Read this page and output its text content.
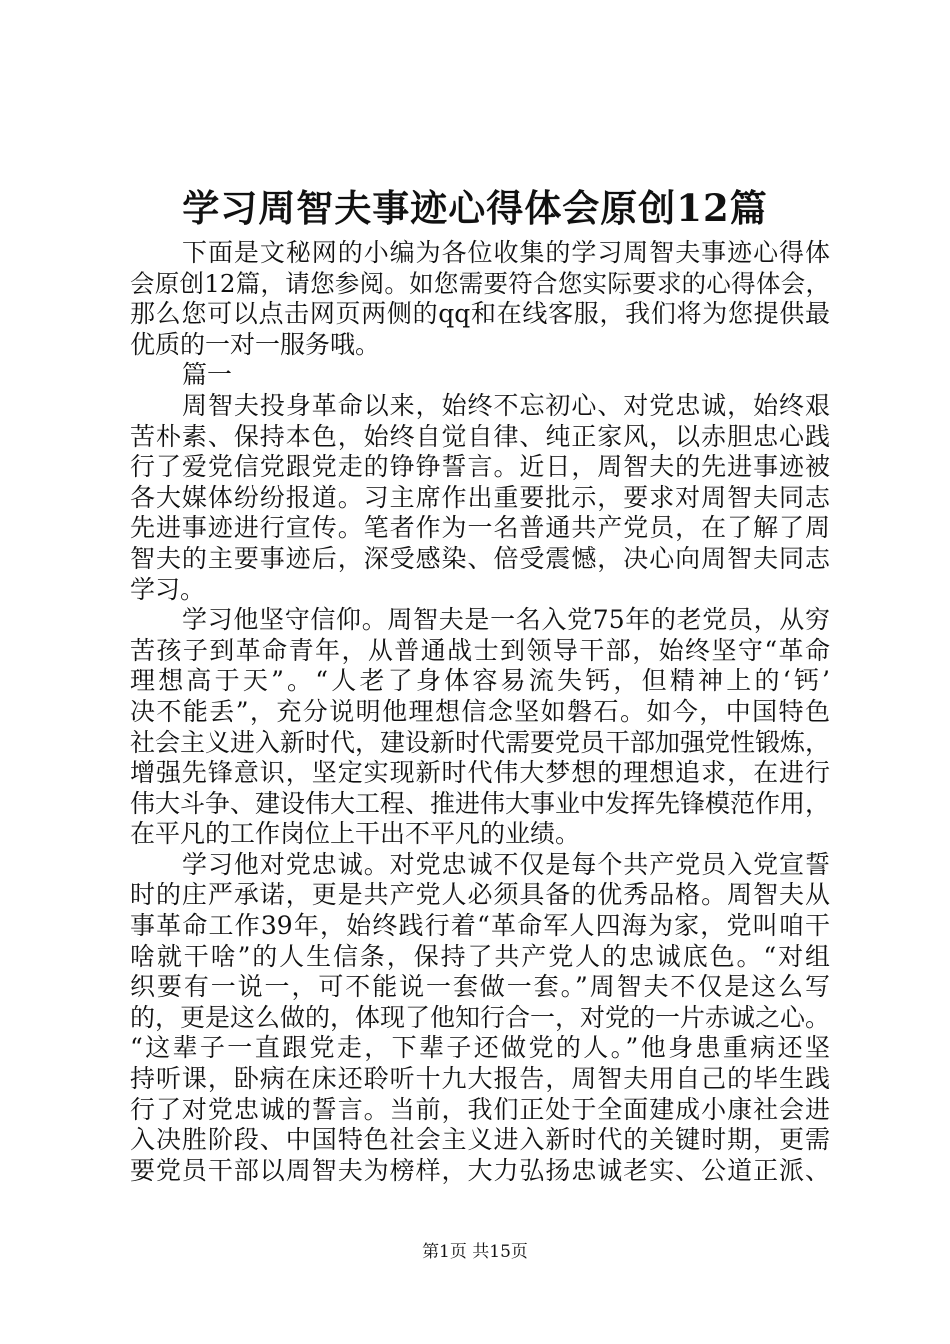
学习周智夫事迹心得体会原创12篇
下面是文秘网的小编为各位收集的学习周智夫事迹心得体
会原创12篇，请您参阅。如您需要符合您实际要求的心得体会，
那么您可以点击网页两侧的qq和在线客服，我们将为您提供最
优质的一对一服务哦。
篇一
周智夫投身革命以来，始终不忘初心、对党忠诚，始终艰
苦朴素、保持本色，始终自觉自律、纯正家风，以赤胆忠心践
行了爱党信党跟党走的铮铮誓言。近日，周智夫的先进事迹被
各大媒体纷纷报道。习主席作出重要批示，要求对周智夫同志
先进事迹进行宣传。笔者作为一名普通共产党员，在了解了周
智夫的主要事迹后，深受感染、倍受震憾，决心向周智夫同志
学习。
学习他坚守信仰。周智夫是一名入党75年的老党员，从穷
苦孩子到革命青年，从普通战士到领导干部，始终坚守“革命
理想高于天”。“人老了身体容易流失钙，但精神上的‘钙’
决不能丢”，充分说明他理想信念坚如磐石。如今，中国特色
社会主义进入新时代，建设新时代需要党员干部加强党性锻炼，
增强先锋意识，坚定实现新时代伟大梦想的理想追求，在进行
伟大斗争、建设伟大工程、推进伟大事业中发挥先锋模范作用，
在平凡的工作岗位上干出不平凡的业绩。
学习他对党忠诚。对党忠诚不仅是每个共产党员入党宣誓
时的庄严承诺，更是共产党人必须具备的优秀品格。周智夫从
事革命工作39年，始终践行着“革命军人四海为家，党叫咱干
啥就干啥”的人生信条，保持了共产党人的忠诚底色。“对组
织要有一说一，可不能说一套做一套。”周智夫不仅是这么写
的，更是这么做的，体现了他知行合一，对党的一片赤诚之心。
“这辈子一直跟党走，下辈子还做党的人。”他身患重病还坚
持听课，卧病在床还聆听十九大报告，周智夫用自己的毕生践
行了对党忠诚的誓言。当前，我们正处于全面建成小康社会进
入决胜阶段、中国特色社会主义进入新时代的关键时期，更需
要党员干部以周智夫为榜样，大力弘扬忠诚老实、公道正派、
第1页 共15页
